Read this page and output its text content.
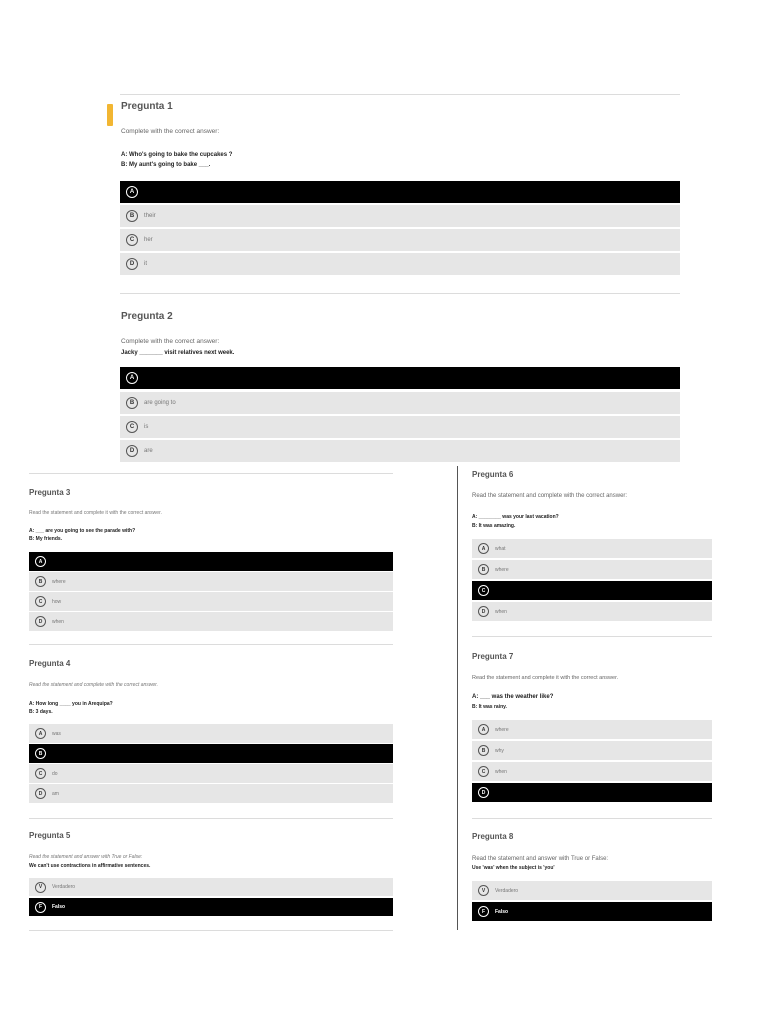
Pregunta 1
Complete with the correct answer:
A: Who's going to bake the cupcakes ?
B: My aunt's going to bake ___.
A
B	their
C	her
D	it
Pregunta 2
Complete with the correct answer:
Jacky _______ visit relatives next week.
A
B	are going to
C	is
D	are
Pregunta 3
Read the statement and complete it with the correct answer.
A: ___ are you going to see the parade with?
B: My friends.
A
B	where
C	how
D	when
Pregunta 4
Read the statement and complete with the correct answer.
A: How long ____ you in Arequipa?
B: 3 days.
A	was
B
C	do
D	am
Pregunta 5
Read the statement and answer with True or False:
We can't use contractions in affirmative sentences.
V	Verdadero
F	Falso
Pregunta 6
Read the statement and complete with the correct answer:
A: ________ was your last vacation?
B: It was amazing.
A	what
B	where
C
D	when
Pregunta 7
Read the statement and complete it with the correct answer.
A: ___ was the weather like?
B: It was rainy.
A	where
B	why
C	when
D
Pregunta 8
Read the statement and answer with True or False:
Use 'was' when the subject is 'you'
V	Verdadero
F	Falso
